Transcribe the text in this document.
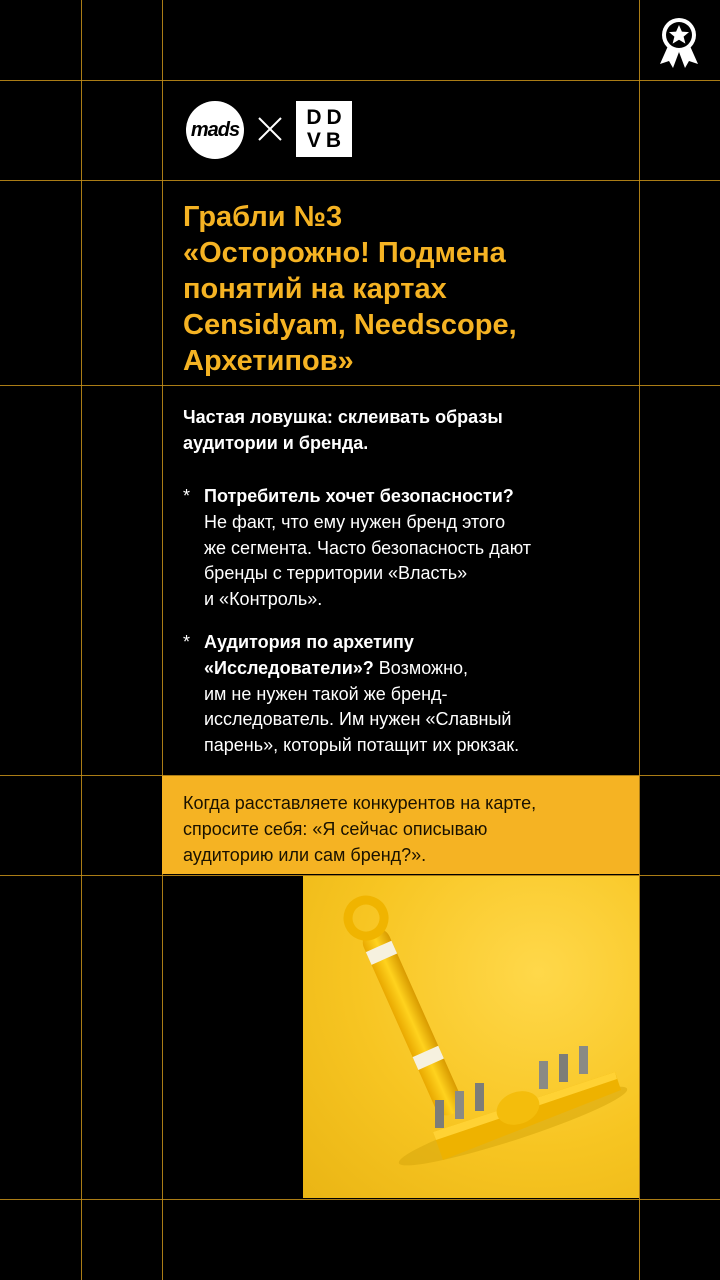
mads
DD
VB
Грабли №3
«Осторожно! Подмена
понятий на картах
Censidyam, Needscope,
Архетипов»
Частая ловушка: склеивать образы
аудитории и бренда.
* Потребитель хочет безопасности?
Не факт, что ему нужен бренд этого
же сегмента. Часто безопасность дают
бренды с территории «Власть»
и «Контроль».
* Аудитория по архетипу
«Исследователи»? Возможно,
им не нужен такой же бренд-
исследователь. Им нужен «Славный
парень», который потащит их рюкзак.
Когда расставляете конкурентов на карте,
спросите себя: «Я сейчас описываю
аудиторию или сам бренд?».
